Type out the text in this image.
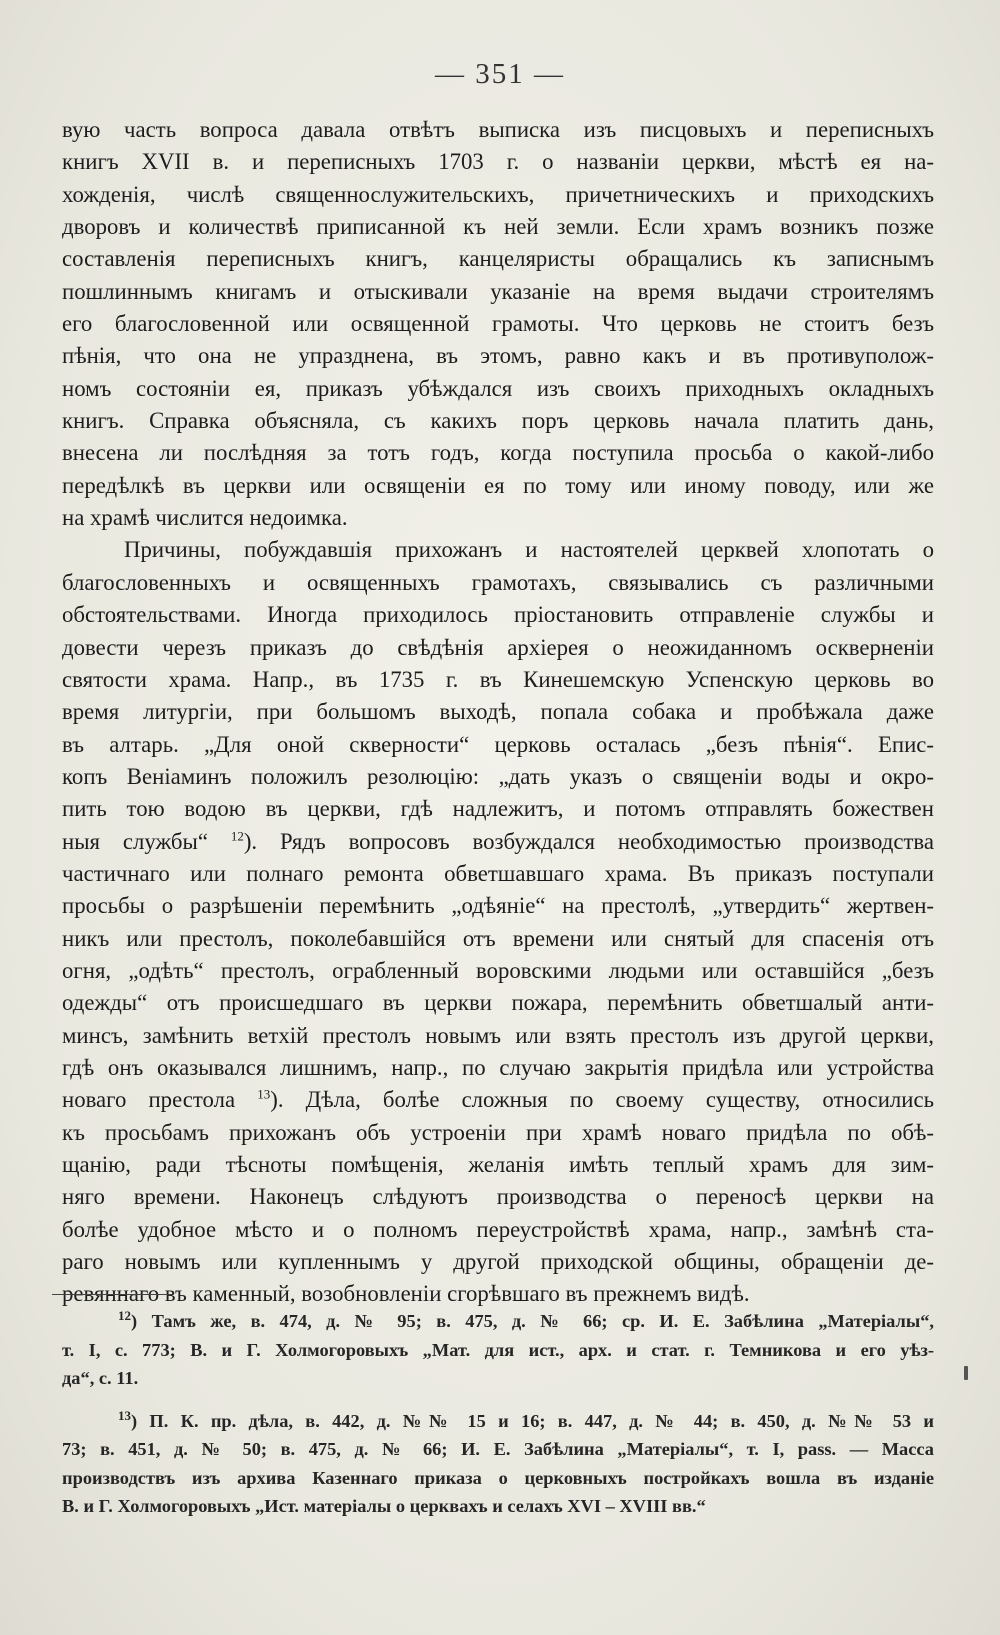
— 351 —
вую часть вопроса давала отвѣтъ выписка изъ писцовыхъ и переписныхъ
книгъ XVII в. и переписныхъ 1703 г. о названіи церкви, мѣстѣ ея на-
хожденія, числѣ священнослужительскихъ, причетническихъ и приходскихъ
дворовъ и количествѣ приписанной къ ней земли. Если храмъ возникъ позже
составленія переписныхъ книгъ, канцеляристы обращались къ записнымъ
пошлиннымъ книгамъ и отыскивали указаніе на время выдачи строителямъ
его благословенной или освященной грамоты. Что церковь не стоитъ безъ
пѣнія, что она не упразднена, въ этомъ, равно какъ и въ противуполож-
номъ состояніи ея, приказъ убѣждался изъ своихъ приходныхъ окладныхъ
книгъ. Справка объясняла, съ какихъ поръ церковь начала платить дань,
внесена ли послѣдняя за тотъ годъ, когда поступила просьба о какой-либо
передѣлкѣ въ церкви или освященіи ея по тому или иному поводу, или же
на храмѣ числится недоимка.
Причины, побуждавшія прихожанъ и настоятелей церквей хлопотать о
благословенныхъ и освященныхъ грамотахъ, связывались съ различными
обстоятельствами. Иногда приходилось пріостановить отправленіе службы и
довести черезъ приказъ до свѣдѣнія архіерея о неожиданномъ оскверненіи
святости храма. Напр., въ 1735 г. въ Кинешемскую Успенскую церковь во
время литургіи, при большомъ выходѣ, попала собака и пробѣжала даже
въ алтарь. „Для оной скверности“ церковь осталась „безъ пѣнія“. Епис-
копъ Веніаминъ положилъ резолюцію: „дать указъ о священіи воды и окро-
пить тою водою въ церкви, гдѣ надлежитъ, и потомъ отправлять божествен
ныя службы“ $^{12}$). Рядъ вопросовъ возбуждался необходимостью производства
частичнаго или полнаго ремонта обветшавшаго храма. Въ приказъ поступали
просьбы о разрѣшеніи перемѣнить „одѣяніе“ на престолѣ, „утвердить“ жертвен-
никъ или престолъ, поколебавшійся отъ времени или снятый для спасенія отъ
огня, „одѣть“ престолъ, ограбленный воровскими людьми или оставшійся „безъ
одежды“ отъ происшедшаго въ церкви пожара, перемѣнить обветшалый анти-
минсъ, замѣнить ветхій престолъ новымъ или взять престолъ изъ другой церкви,
гдѣ онъ оказывался лишнимъ, напр., по случаю закрытія придѣла или устройства
новаго престола $^{13}$). Дѣла, болѣе сложныя по своему существу, относились
къ просьбамъ прихожанъ объ устроеніи при храмѣ новаго придѣла по обѣ-
щанію, ради тѣсноты помѣщенія, желанія имѣть теплый храмъ для зим-
няго времени. Наконецъ слѣдуютъ производства о переносѣ церкви на
болѣе удобное мѣсто и о полномъ переустройствѣ храма, напр., замѣнѣ ста-
раго новымъ или купленнымъ у другой приходской общины, обращеніи де-
ревяннаго въ каменный, возобновленіи сгорѣвшаго въ прежнемъ видѣ.
$^{12}$) Тамъ же, в. 474, д. № 95; в. 475, д. № 66; ср. И. Е. Забѣлина „Матеріалы“,
т. I, с. 773; В. и Г. Холмогоровыхъ „Мат. для ист., арх. и стат. г. Темникова и его уѣз-
да“, с. 11.
$^{13}$) П. К. пр. дѣла, в. 442, д. №№ 15 и 16; в. 447, д. № 44; в. 450, д. №№ 53 и
73; в. 451, д. № 50; в. 475, д. № 66; И. Е. Забѣлина „Матеріалы“, т. I, pass. — Масса
производствъ изъ архива Казеннаго приказа о церковныхъ постройкахъ вошла въ изданіе
В. и Г. Холмогоровыхъ „Ист. матеріалы о церквахъ и селахъ XVI – XVIII вв.“
